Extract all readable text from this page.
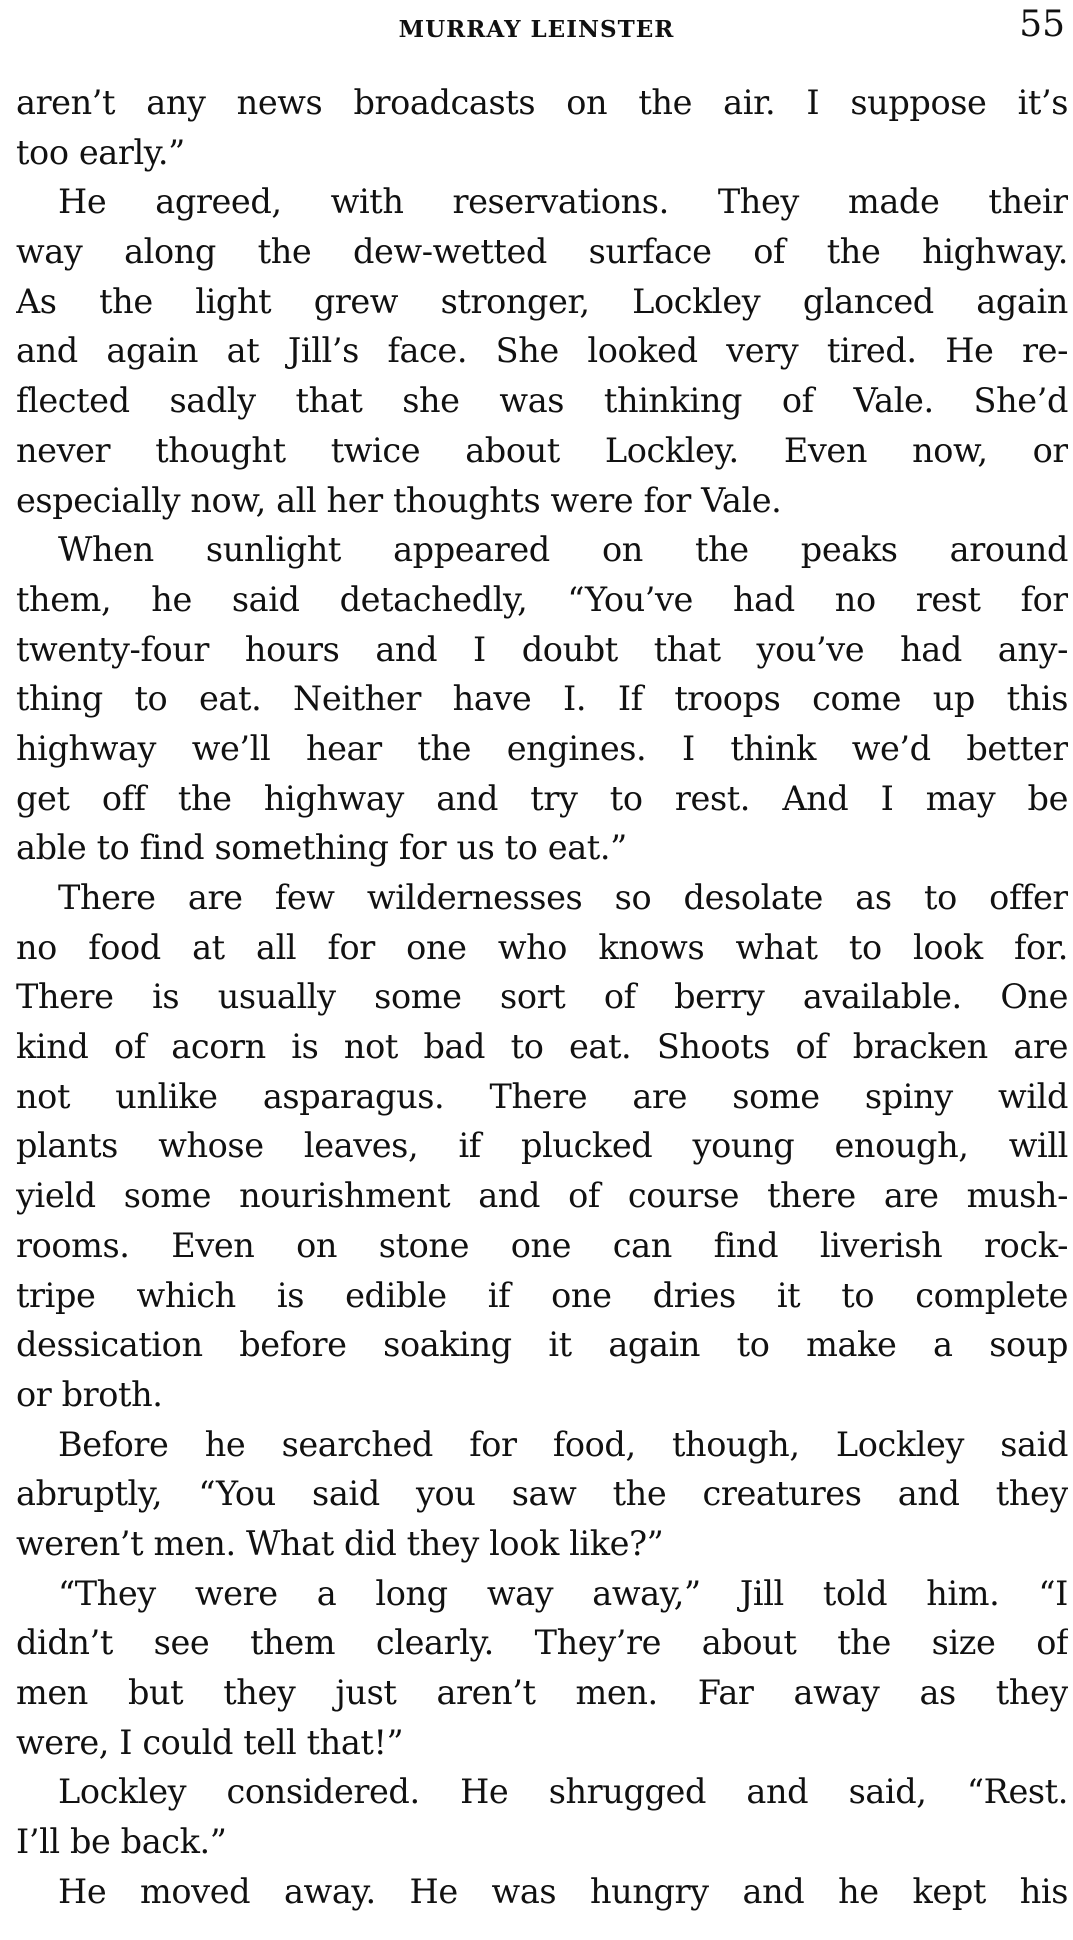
MURRAY LEINSTER	55
aren’t any news broadcasts on the air. I suppose it’s
too early.”
He agreed, with reservations. They made their
way along the dew-wetted surface of the highway.
As the light grew stronger, Lockley glanced again
and again at Jill’s face. She looked very tired. He re-
flected sadly that she was thinking of Vale. She’d
never thought twice about Lockley. Even now, or
especially now, all her thoughts were for Vale.
When sunlight appeared on the peaks around
them, he said detachedly, “You’ve had no rest for
twenty-four hours and I doubt that you’ve had any-
thing to eat. Neither have I. If troops come up this
highway we’ll hear the engines. I think we’d better
get off the highway and try to rest. And I may be
able to find something for us to eat.”
There are few wildernesses so desolate as to offer
no food at all for one who knows what to look for.
There is usually some sort of berry available. One
kind of acorn is not bad to eat. Shoots of bracken are
not unlike asparagus. There are some spiny wild
plants whose leaves, if plucked young enough, will
yield some nourishment and of course there are mush-
rooms. Even on stone one can find liverish rock-
tripe which is edible if one dries it to complete
dessication before soaking it again to make a soup
or broth.
Before he searched for food, though, Lockley said
abruptly, “You said you saw the creatures and they
weren’t men. What did they look like?”
“They were a long way away,” Jill told him. “I
didn’t see them clearly. They’re about the size of
men but they just aren’t men. Far away as they
were, I could tell that!”
Lockley considered. He shrugged and said, “Rest.
I’ll be back.”
He moved away. He was hungry and he kept his
